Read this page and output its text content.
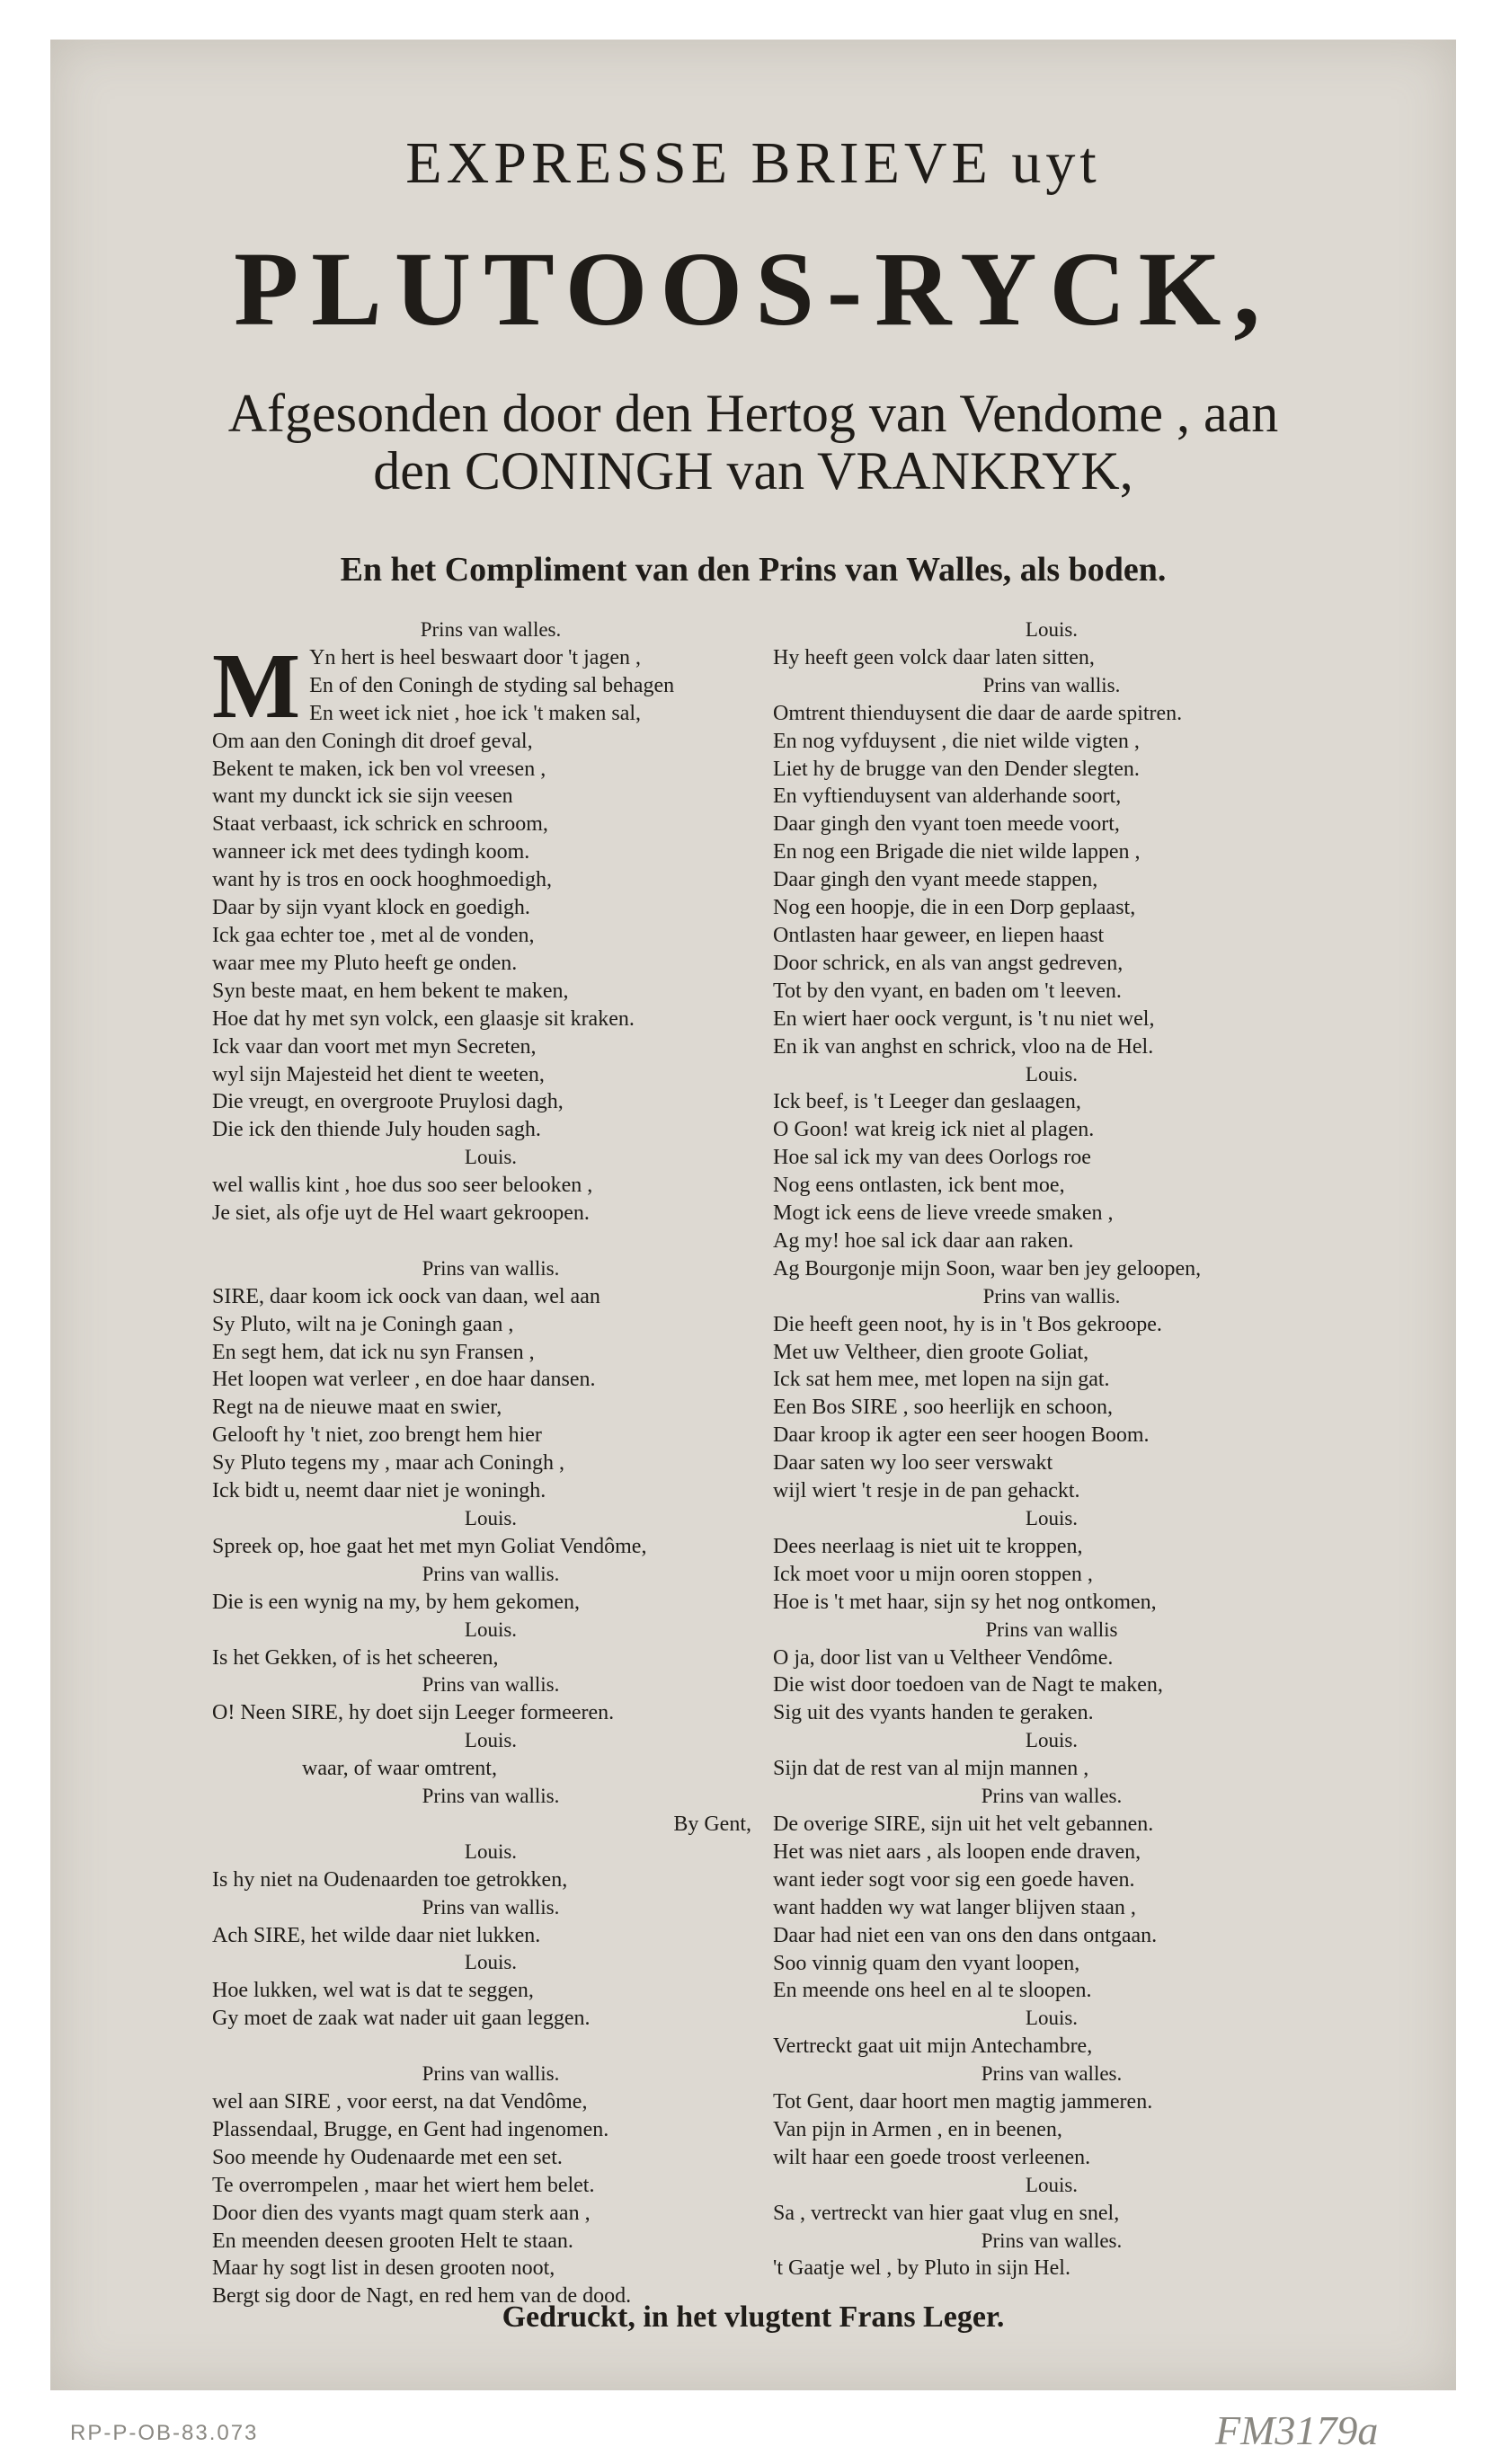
EXPRESSE BRIEVE uyt
PLUTOOS-RYCK,
Afgesonden door den Hertog van Vendome , aan
den CONINGH van VRANKRYK,
En het Compliment van den Prins van Walles, als boden.
Prins van walles.
M Yn hert is heel beswaart door 't jagen ,
En of den Coningh de styding sal behagen
En weet ick niet , hoe ick 't maken sal,
Om aan den Coningh dit droef geval,
Bekent te maken, ick ben vol vreesen ,
want my dunckt ick sie sijn veesen
Staat verbaast, ick schrick en schroom,
wanneer ick met dees tydingh koom.
want hy is tros en oock hooghmoedigh,
Daar by sijn vyant klock en goedigh.
Ick gaa echter toe , met al de vonden,
waar mee my Pluto heeft ge onden.
Syn beste maat, en hem bekent te maken,
Hoe dat hy met syn volck, een glaasje sit kraken.
Ick vaar dan voort met myn Secreten,
wyl sijn Majesteid het dient te weeten,
Die vreugt, en overgroote Pruylosi dagh,
Die ick den thiende July houden sagh.
Louis.
wel wallis kint , hoe dus soo seer belooken ,
Je siet, als ofje uyt de Hel waart gekroopen.
Prins van wallis.
SIRE, daar koom ick oock van daan, wel aan
Sy Pluto, wilt na je Coningh gaan ,
En segt hem, dat ick nu syn Fransen ,
Het loopen wat verleer , en doe haar dansen.
Regt na de nieuwe maat en swier,
Gelooft hy 't niet, zoo brengt hem hier
Sy Pluto tegens my , maar ach Coningh ,
Ick bidt u, neemt daar niet je woningh.
Louis.
Spreek op, hoe gaat het met myn Goliat Vendôme,
Prins van wallis.
Die is een wynig na my, by hem gekomen,
Louis.
Is het Gekken, of is het scheeren,
Prins van wallis.
O! Neen SIRE, hy doet sijn Leeger formeeren.
Louis.
waar, of waar omtrent,
Prins van wallis.
By Gent,
Louis.
Is hy niet na Oudenaarden toe getrokken,
Prins van wallis.
Ach SIRE, het wilde daar niet lukken.
Louis.
Hoe lukken, wel wat is dat te seggen,
Gy moet de zaak wat nader uit gaan leggen.
Prins van wallis.
wel aan SIRE , voor eerst, na dat Vendôme,
Plassendaal, Brugge, en Gent had ingenomen.
Soo meende hy Oudenaarde met een set.
Te overrompelen , maar het wiert hem belet.
Door dien des vyants magt quam sterk aan ,
En meenden deesen grooten Helt te staan.
Maar hy sogt list in desen grooten noot,
Bergt sig door de Nagt, en red hem van de dood.
Louis.
Hy heeft geen volck daar laten sitten,
Prins van wallis.
Omtrent thienduysent die daar de aarde spitren.
En nog vyfduysent , die niet wilde vigten ,
Liet hy de brugge van den Dender slegten.
En vyftienduysent van alderhande soort,
Daar gingh den vyant toen meede voort,
En nog een Brigade die niet wilde lappen ,
Daar gingh den vyant meede stappen,
Nog een hoopje, die in een Dorp geplaast,
Ontlasten haar geweer, en liepen haast
Door schrick, en als van angst gedreven,
Tot by den vyant, en baden om 't leeven.
En wiert haer oock vergunt, is 't nu niet wel,
En ik van anghst en schrick, vloo na de Hel.
Louis.
Ick beef, is 't Leeger dan geslaagen,
O Goon! wat kreig ick niet al plagen.
Hoe sal ick my van dees Oorlogs roe
Nog eens ontlasten, ick bent moe,
Mogt ick eens de lieve vreede smaken ,
Ag my! hoe sal ick daar aan raken.
Ag Bourgonje mijn Soon, waar ben jey geloopen,
Prins van wallis.
Die heeft geen noot, hy is in 't Bos gekroope.
Met uw Veltheer, dien groote Goliat,
Ick sat hem mee, met lopen na sijn gat.
Een Bos SIRE , soo heerlijk en schoon,
Daar kroop ik agter een seer hoogen Boom.
Daar saten wy loo seer verswakt
wijl wiert 't resje in de pan gehackt.
Louis.
Dees neerlaag is niet uit te kroppen,
Ick moet voor u mijn ooren stoppen ,
Hoe is 't met haar, sijn sy het nog ontkomen,
Prins van wallis
O ja, door list van u Veltheer Vendôme.
Die wist door toedoen van de Nagt te maken,
Sig uit des vyants handen te geraken.
Louis.
Sijn dat de rest van al mijn mannen ,
Prins van walles.
De overige SIRE, sijn uit het velt gebannen.
Het was niet aars , als loopen ende draven,
want ieder sogt voor sig een goede haven.
want hadden wy wat langer blijven staan ,
Daar had niet een van ons den dans ontgaan.
Soo vinnig quam den vyant loopen,
En meende ons heel en al te sloopen.
Louis.
Vertreckt gaat uit mijn Antechambre,
Prins van walles.
Tot Gent, daar hoort men magtig jammeren.
Van pijn in Armen , en in beenen,
wilt haar een goede troost verleenen.
Louis.
Sa , vertreckt van hier gaat vlug en snel,
Prins van walles.
't Gaatje wel , by Pluto in sijn Hel.
Gedruckt, in het vlugtent Frans Leger.
RP-P-OB-83.073	FM3179a
